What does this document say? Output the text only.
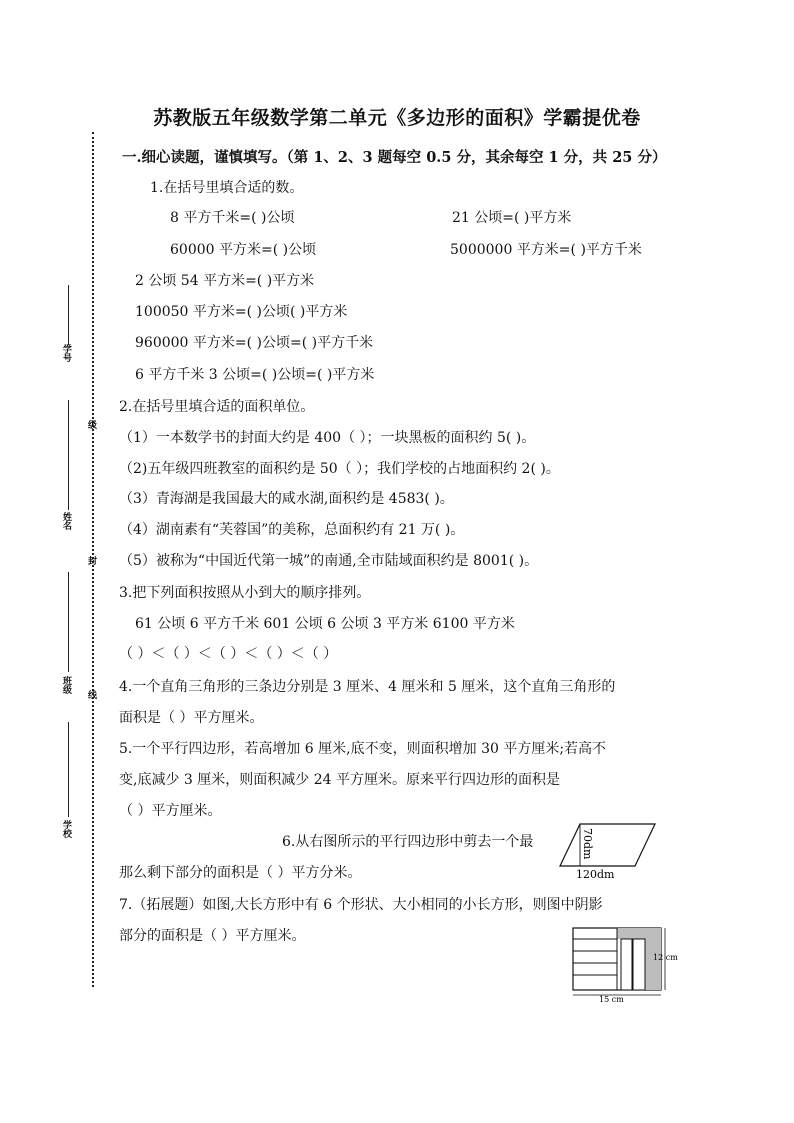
学号
姓名
班级
学校
级
封
线
苏教版五年级数学第二单元《多边形的面积》学霸提优卷
一.细心读题，谨慎填写。（第 1、2、3 题每空 0.5 分，其余每空 1 分，共 25 分）
1.在括号里填合适的数。
8 平方千米=( )公顷	21 公顷=( )平方米
60000 平方米=( )公顷	5000000 平方米=( )平方千米
2 公顷 54 平方米=( )平方米
100050 平方米=( )公顷( )平方米
960000 平方米=( )公顷=( )平方千米
6 平方千米 3 公顷=( )公顷=( )平方米
2.在括号里填合适的面积单位。
（1）一本数学书的封面大约是 400（ ）；一块黑板的面积约 5( )。
（2)五年级四班教室的面积约是 50（ ）；我们学校的占地面积约 2( )。
（3）青海湖是我国最大的咸水湖,面积约是 4583( )。
（4）湖南素有“芙蓉国”的美称，总面积约有 21 万( )。
（5）被称为“中国近代第一城”的南通,全市陆域面积约是 8001( )。
3.把下列面积按照从小到大的顺序排列。
61 公顷 6 平方千米 601 公顷 6 公顷 3 平方米 6100 平方米
（ ）＜（ ）＜（ ）＜（ ）＜（ ）
4.一个直角三角形的三条边分别是 3 厘米、4 厘米和 5 厘米，这个直角三角形的
面积是（ ）平方厘米。
5.一个平行四边形，若高增加 6 厘米,底不变，则面积增加 30 平方厘米;若高不
变,底减少 3 厘米，则面积减少 24 平方厘米。原来平行四边形的面积是
（ ）平方厘米。
6.从右图所示的平行四边形中剪去一个最
那么剩下部分的面积是（ ）平方分米。
70dm
120dm
7.（拓展题）如图,大长方形中有 6 个形状、大小相同的小长方形，则图中阴影
部分的面积是（ ）平方厘米。
12 cm
15 cm
